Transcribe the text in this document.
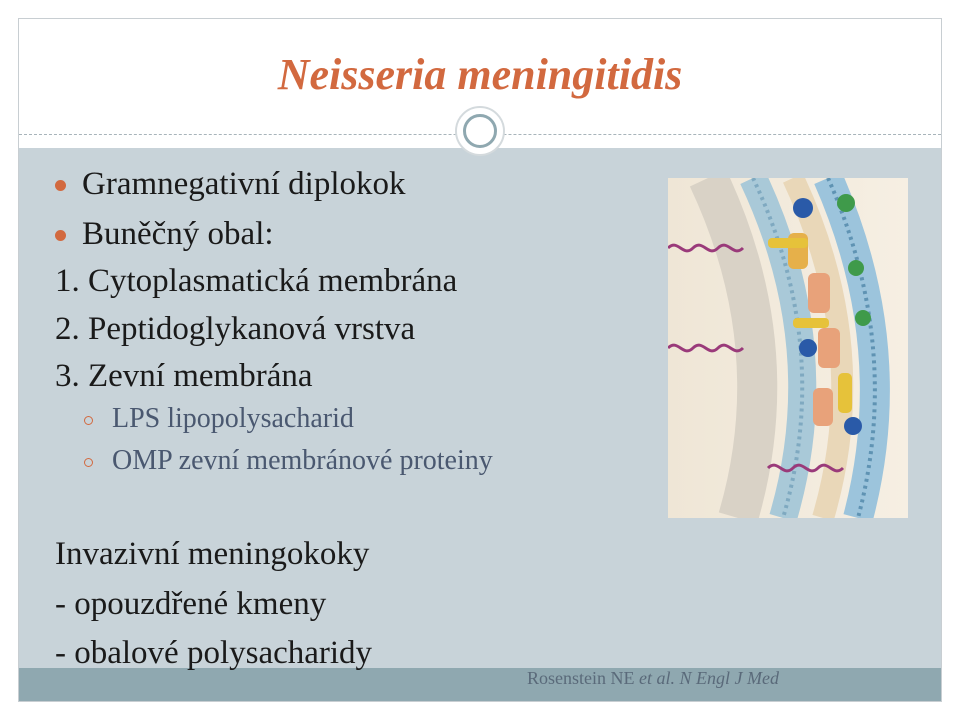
Neisseria meningitidis
Gramnegativní diplokok
Buněčný obal:
1. Cytoplasmatická membrána
2. Peptidoglykanová vrstva
3. Zevní membrána
LPS lipopolysacharid
OMP zevní membránové proteiny
Invazivní meningokoky
- opouzdřené kmeny
- obalové polysacharidy
Rosenstein NE et al. N Engl J Med
